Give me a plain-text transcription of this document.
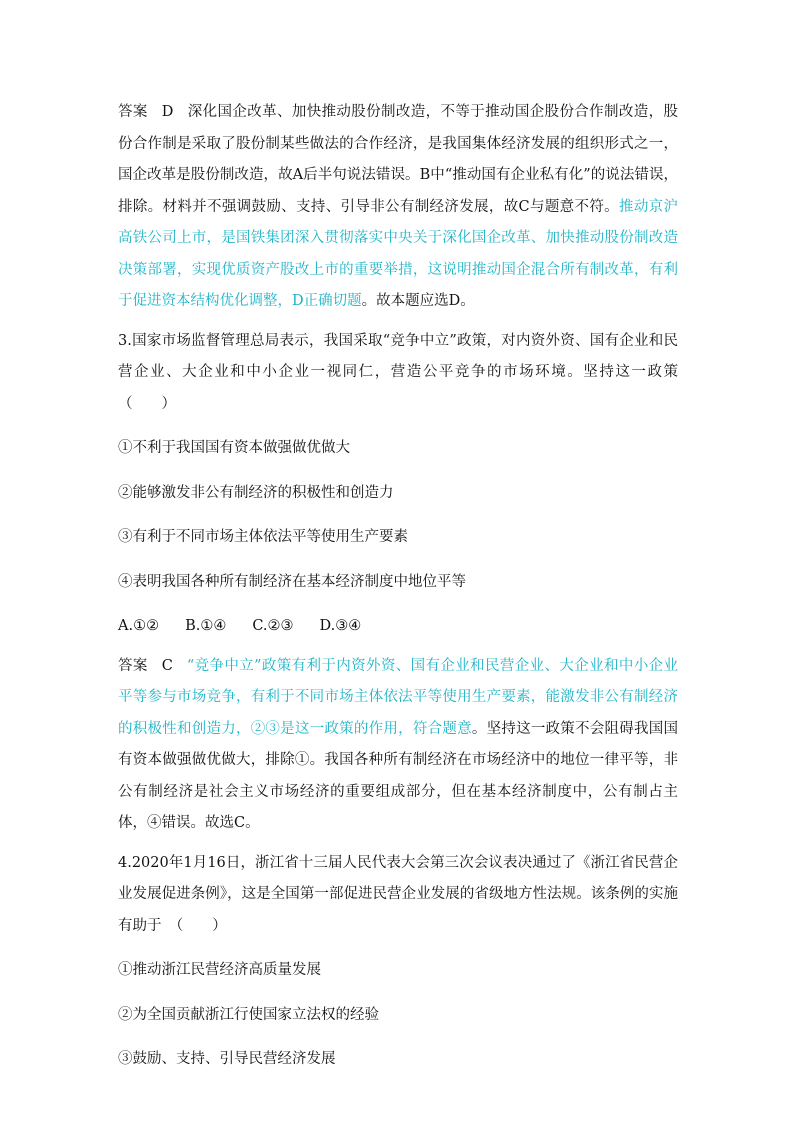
答案 D 深化国企改革、加快推动股份制改造，不等于推动国企股份合作制改造，股份合作制是采取了股份制某些做法的合作经济，是我国集体经济发展的组织形式之一，国企改革是股份制改造，故A后半句说法错误。B中“推动国有企业私有化”的说法错误，排除。材料并不强调鼓励、支持、引导非公有制经济发展，故C与题意不符。推动京沪高铁公司上市，是国铁集团深入贯彻落实中央关于深化国企改革、加快推动股份制改造决策部署，实现优质资产股改上市的重要举措，这说明推动国企混合所有制改革，有利于促进资本结构优化调整，D正确切题。故本题应选D。

3.国家市场监督管理总局表示，我国采取“竞争中立”政策，对内资外资、国有企业和民营企业、大企业和中小企业一视同仁，营造公平竞争的市场环境。坚持这一政策　（　　）

①不利于我国国有资本做强做优做大

②能够激发非公有制经济的积极性和创造力

③有利于不同市场主体依法平等使用生产要素

④表明我国各种所有制经济在基本经济制度中地位平等

A.①② B.①④ C.②③ D.③④

答案 C “竞争中立”政策有利于内资外资、国有企业和民营企业、大企业和中小企业平等参与市场竞争，有利于不同市场主体依法平等使用生产要素，能激发非公有制经济的积极性和创造力，②③是这一政策的作用，符合题意。坚持这一政策不会阻碍我国国有资本做强做优做大，排除①。我国各种所有制经济在市场经济中的地位一律平等，非公有制经济是社会主义市场经济的重要组成部分，但在基本经济制度中，公有制占主体，④错误。故选C。

4.2020年1月16日，浙江省十三届人民代表大会第三次会议表决通过了《浙江省民营企业发展促进条例》，这是全国第一部促进民营企业发展的省级地方性法规。该条例的实施有助于　（　　）

①推动浙江民营经济高质量发展

②为全国贡献浙江行使国家立法权的经验

③鼓励、支持、引导民营经济发展
